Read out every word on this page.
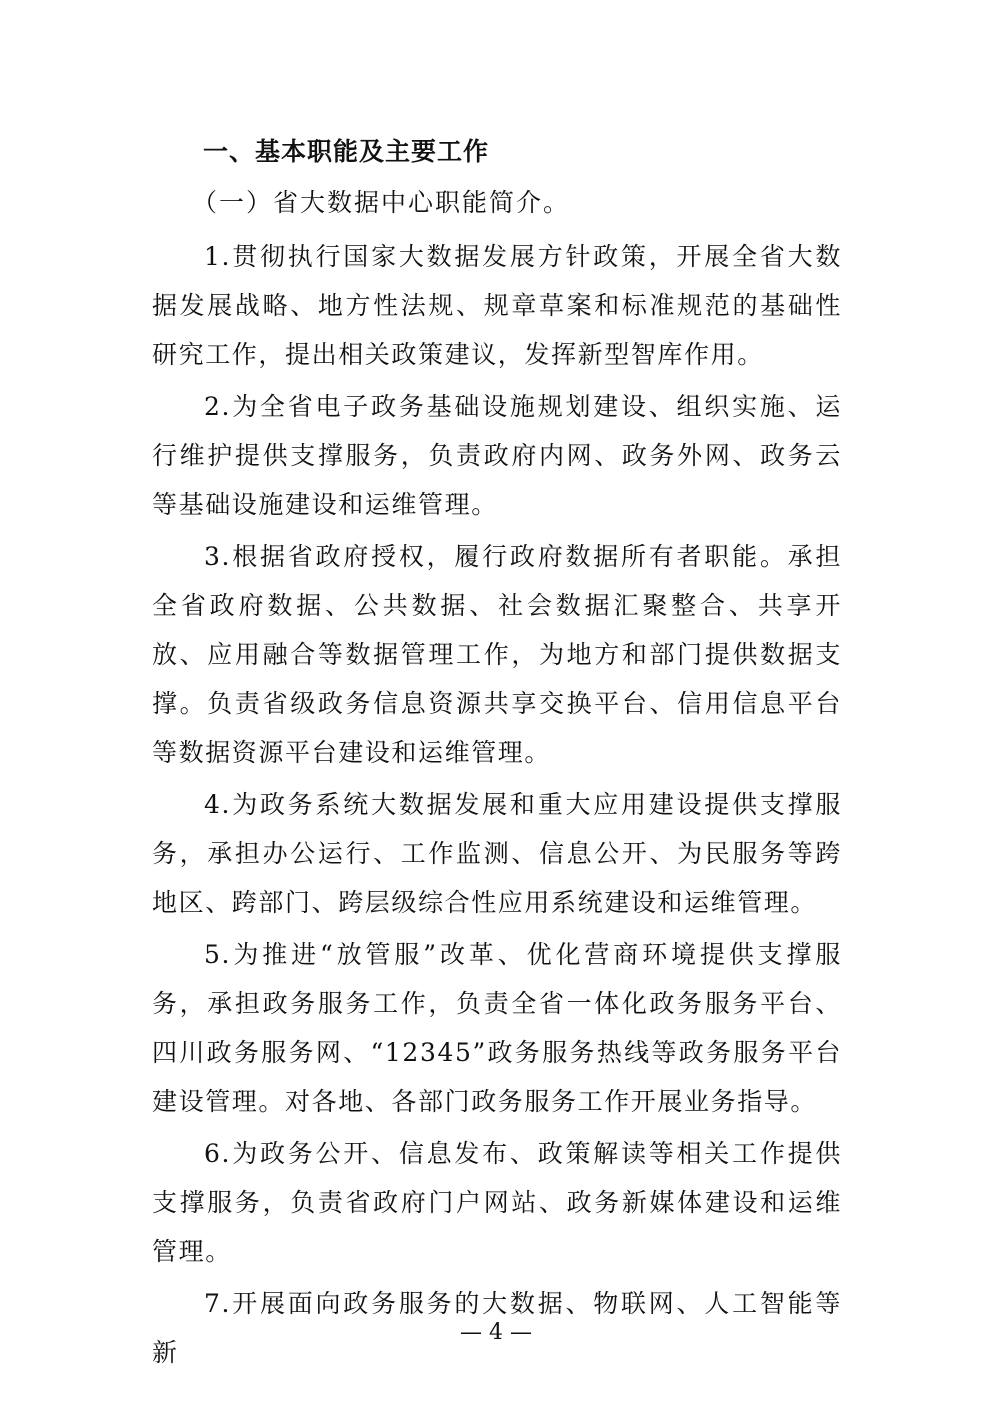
一、基本职能及主要工作
（一）省大数据中心职能简介。

1.贯彻执行国家大数据发展方针政策，开展全省大数据发展战略、地方性法规、规章草案和标准规范的基础性研究工作，提出相关政策建议，发挥新型智库作用。

2.为全省电子政务基础设施规划建设、组织实施、运行维护提供支撑服务，负责政府内网、政务外网、政务云等基础设施建设和运维管理。

3.根据省政府授权，履行政府数据所有者职能。承担全省政府数据、公共数据、社会数据汇聚整合、共享开放、应用融合等数据管理工作，为地方和部门提供数据支撑。负责省级政务信息资源共享交换平台、信用信息平台等数据资源平台建设和运维管理。

4.为政务系统大数据发展和重大应用建设提供支撑服务，承担办公运行、工作监测、信息公开、为民服务等跨地区、跨部门、跨层级综合性应用系统建设和运维管理。

5.为推进“放管服”改革、优化营商环境提供支撑服务，承担政务服务工作，负责全省一体化政务服务平台、四川政务服务网、“12345”政务服务热线等政务服务平台建设管理。对各地、各部门政务服务工作开展业务指导。

6.为政务公开、信息发布、政策解读等相关工作提供支撑服务，负责省政府门户网站、政务新媒体建设和运维管理。

7.开展面向政务服务的大数据、物联网、人工智能等新

— 4 —
